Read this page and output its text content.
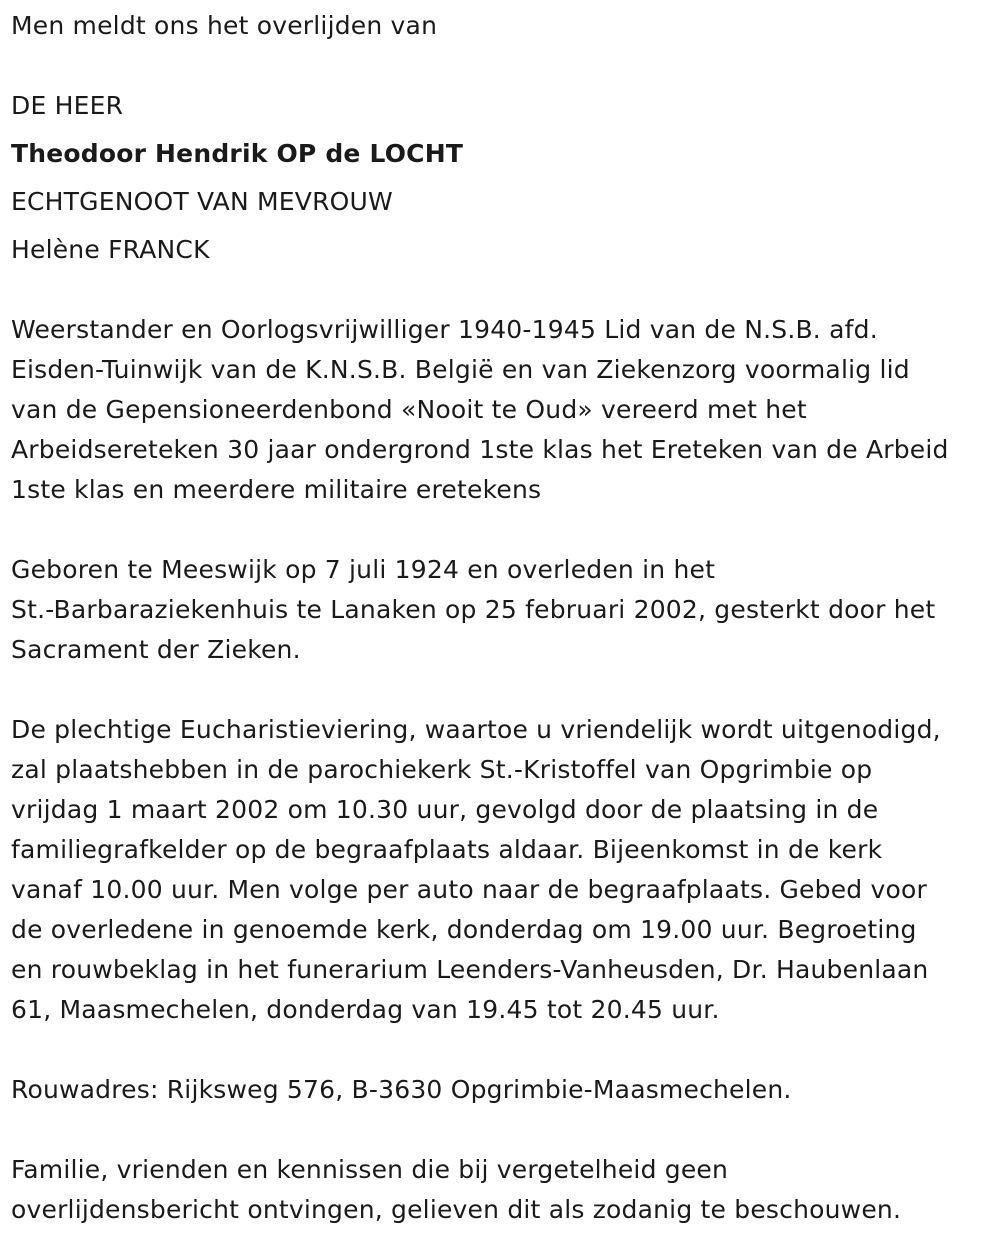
Men meldt ons het overlijden van
DE HEER
Theodoor Hendrik OP de LOCHT
ECHTGENOOT VAN MEVROUW
Helène FRANCK
Weerstander en Oorlogsvrijwilliger 1940-1945 Lid van de N.S.B. afd.
Eisden-Tuinwijk van de K.N.S.B. België en van Ziekenzorg voormalig lid
van de Gepensioneerdenbond «Nooit te Oud» vereerd met het
Arbeidsereteken 30 jaar ondergrond 1ste klas het Ereteken van de Arbeid
1ste klas en meerdere militaire eretekens
Geboren te Meeswijk op 7 juli 1924 en overleden in het
St.-Barbaraziekenhuis te Lanaken op 25 februari 2002, gesterkt door het
Sacrament der Zieken.
De plechtige Eucharistieviering, waartoe u vriendelijk wordt uitgenodigd,
zal plaatshebben in de parochiekerk St.-Kristoffel van Opgrimbie op
vrijdag 1 maart 2002 om 10.30 uur, gevolgd door de plaatsing in de
familiegrafkelder op de begraafplaats aldaar. Bijeenkomst in de kerk
vanaf 10.00 uur. Men volge per auto naar de begraafplaats. Gebed voor
de overledene in genoemde kerk, donderdag om 19.00 uur. Begroeting
en rouwbeklag in het funerarium Leenders-Vanheusden, Dr. Haubenlaan
61, Maasmechelen, donderdag van 19.45 tot 20.45 uur.
Rouwadres: Rijksweg 576, B-3630 Opgrimbie-Maasmechelen.
Familie, vrienden en kennissen die bij vergetelheid geen
overlijdensbericht ontvingen, gelieven dit als zodanig te beschouwen.
